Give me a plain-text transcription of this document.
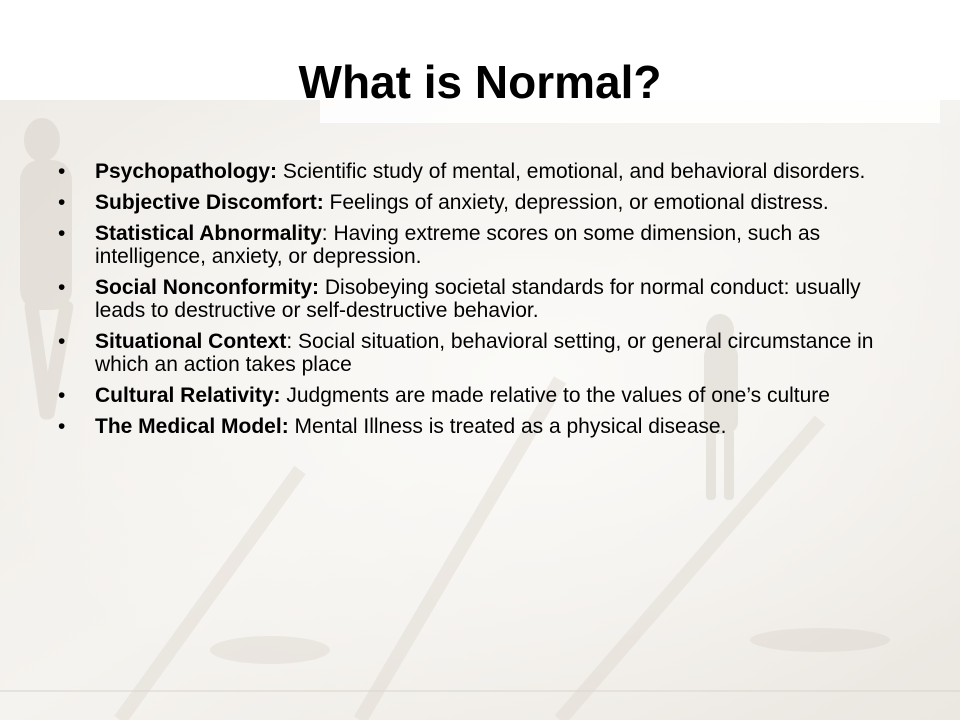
What is Normal?
• Psychopathology: Scientific study of mental, emotional, and behavioral disorders.
• Subjective Discomfort: Feelings of anxiety, depression, or emotional distress.
• Statistical Abnormality: Having extreme scores on some dimension, such as intelligence, anxiety, or depression.
• Social Nonconformity: Disobeying societal standards for normal conduct: usually leads to destructive or self-destructive behavior.
• Situational Context: Social situation, behavioral setting, or general circumstance in which an action takes place
• Cultural Relativity: Judgments are made relative to the values of one’s culture
• The Medical Model: Mental Illness is treated as a physical disease.
